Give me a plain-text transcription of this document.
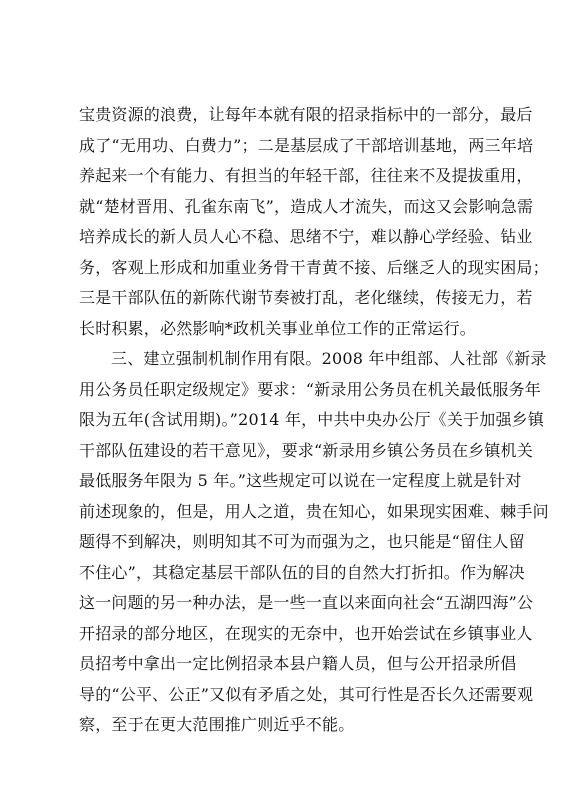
宝贵资源的浪费，让每年本就有限的招录指标中的一部分，最后
成了“无用功、白费力”；二是基层成了干部培训基地，两三年培
养起来一个有能力、有担当的年轻干部，往往来不及提拔重用，
就“楚材晋用、孔雀东南飞”，造成人才流失，而这又会影响急需
培养成长的新人员人心不稳、思绪不宁，难以静心学经验、钻业
务，客观上形成和加重业务骨干青黄不接、后继乏人的现实困局；
三是干部队伍的新陈代谢节奏被打乱，老化继续，传接无力，若
长时积累，必然影响*政机关事业单位工作的正常运行。
三、建立强制机制作用有限。2008 年中组部、人社部《新录
用公务员任职定级规定》要求：“新录用公务员在机关最低服务年
限为五年(含试用期)。”2014 年，中共中央办公厅《关于加强乡镇
干部队伍建设的若干意见》，要求“新录用乡镇公务员在乡镇机关
最低服务年限为 5 年。”这些规定可以说在一定程度上就是针对
前述现象的，但是，用人之道，贵在知心，如果现实困难、棘手问
题得不到解决，则明知其不可为而强为之，也只能是“留住人留
不住心”，其稳定基层干部队伍的目的自然大打折扣。作为解决
这一问题的另一种办法，是一些一直以来面向社会“五湖四海”公
开招录的部分地区，在现实的无奈中，也开始尝试在乡镇事业人
员招考中拿出一定比例招录本县户籍人员，但与公开招录所倡
导的“公平、公正”又似有矛盾之处，其可行性是否长久还需要观
察，至于在更大范围推广则近乎不能。
